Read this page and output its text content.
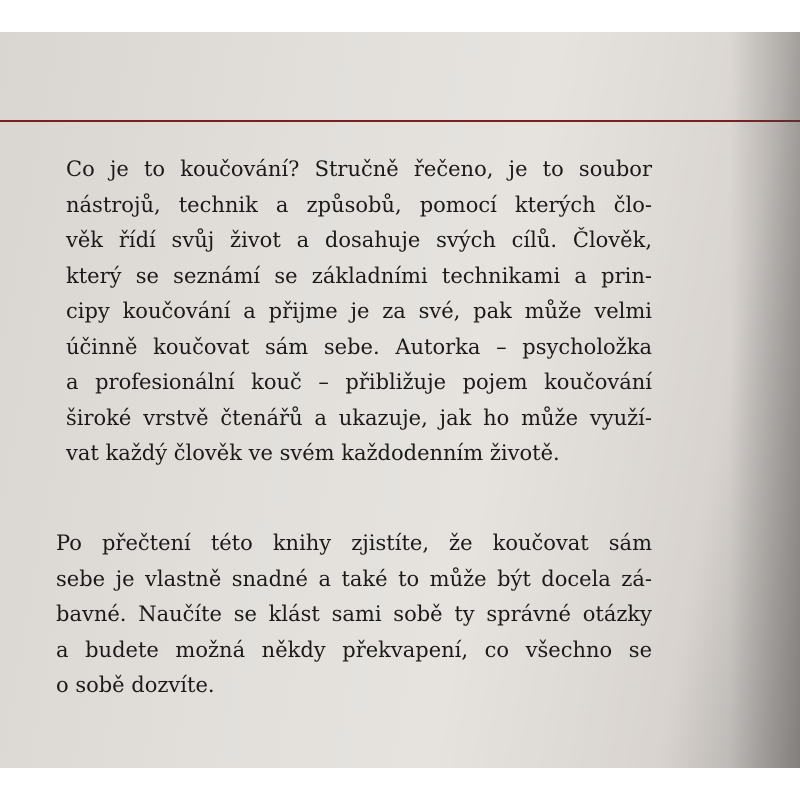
Co je to koučování? Stručně řečeno, je to soubor
nástrojů, technik a způsobů, pomocí kterých člo-
věk řídí svůj život a dosahuje svých cílů. Člověk,
který se seznámí se základními technikami a prin-
cipy koučování a přijme je za své, pak může velmi
účinně koučovat sám sebe. Autorka – psycholožka
a profesionální kouč – přibližuje pojem koučování
široké vrstvě čtenářů a ukazuje, jak ho může využí-
vat každý člověk ve svém každodenním životě.
Po přečtení této knihy zjistíte, že koučovat sám
sebe je vlastně snadné a také to může být docela zá-
bavné. Naučíte se klást sami sobě ty správné otázky
a budete možná někdy překvapení, co všechno se
o sobě dozvíte.
